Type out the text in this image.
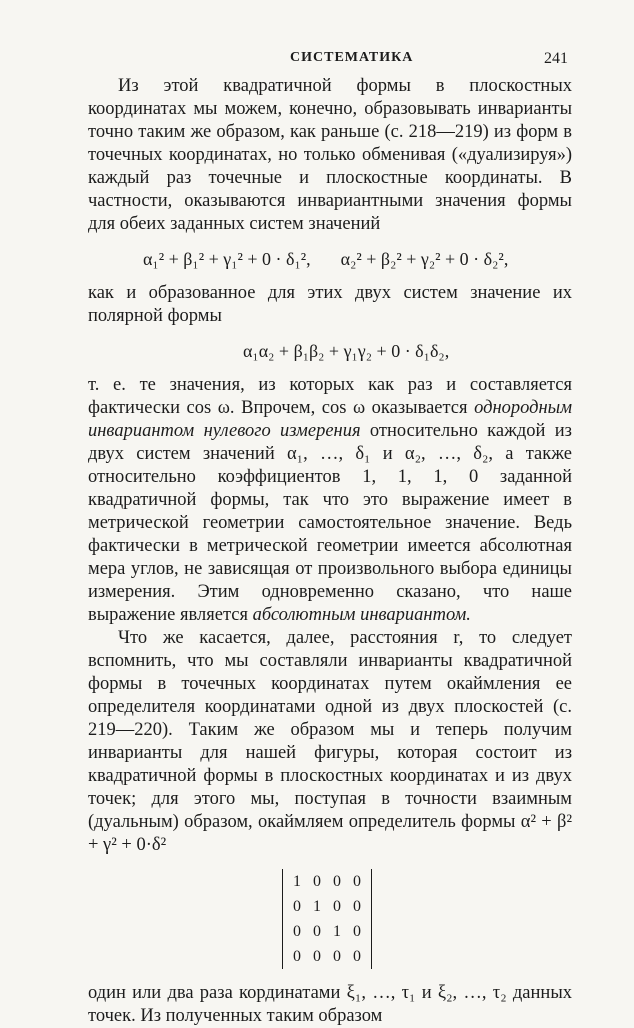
СИСТЕМАТИКА	241

Из этой квадратичной формы в плоскостных координатах мы можем, конечно, образовывать инварианты точно таким же образом, как раньше (с. 218—219) из форм в точечных координатах, но только обменивая («дуализируя») каждый раз точечные и плоскостные координаты. В частности, оказываются инвариантными значения формы для обеих заданных систем значений

α₁² + β₁² + γ₁² + 0 · δ₁², α₂² + β₂² + γ₂² + 0 · δ₂²,

как и образованное для этих двух систем значение их полярной формы

α₁α₂ + β₁β₂ + γ₁γ₂ + 0 · δ₁δ₂,

т. е. те значения, из которых как раз и составляется фактически cos ω. Впрочем, cos ω оказывается однородным инвариантом нулевого измерения относительно каждой из двух систем значений α₁, …, δ₁ и α₂, …, δ₂, а также относительно коэффициентов 1, 1, 1, 0 заданной квадратичной формы, так что это выражение имеет в метрической геометрии самостоятельное значение. Ведь фактически в метрической геометрии имеется абсолютная мера углов, не зависящая от произвольного выбора единицы измерения. Этим одновременно сказано, что наше выражение является абсолютным инвариантом.

Что же касается, далее, расстояния r, то следует вспомнить, что мы составляли инварианты квадратичной формы в точечных координатах путем окаймления ее определителя координатами одной из двух плоскостей (с. 219—220). Таким же образом мы и теперь получим инварианты для нашей фигуры, которая состоит из квадратичной формы в плоскостных координатах и из двух точек; для этого мы, поступая в точности взаимным (дуальным) образом, окаймляем определитель формы α² + β² + γ² + 0·δ²

1 0 0 0
0 1 0 0
0 0 1 0
0 0 0 0

один или два раза кординатами ξ₁, …, τ₁ и ξ₂, …, τ₂ данных точек. Из полученных таким образом
